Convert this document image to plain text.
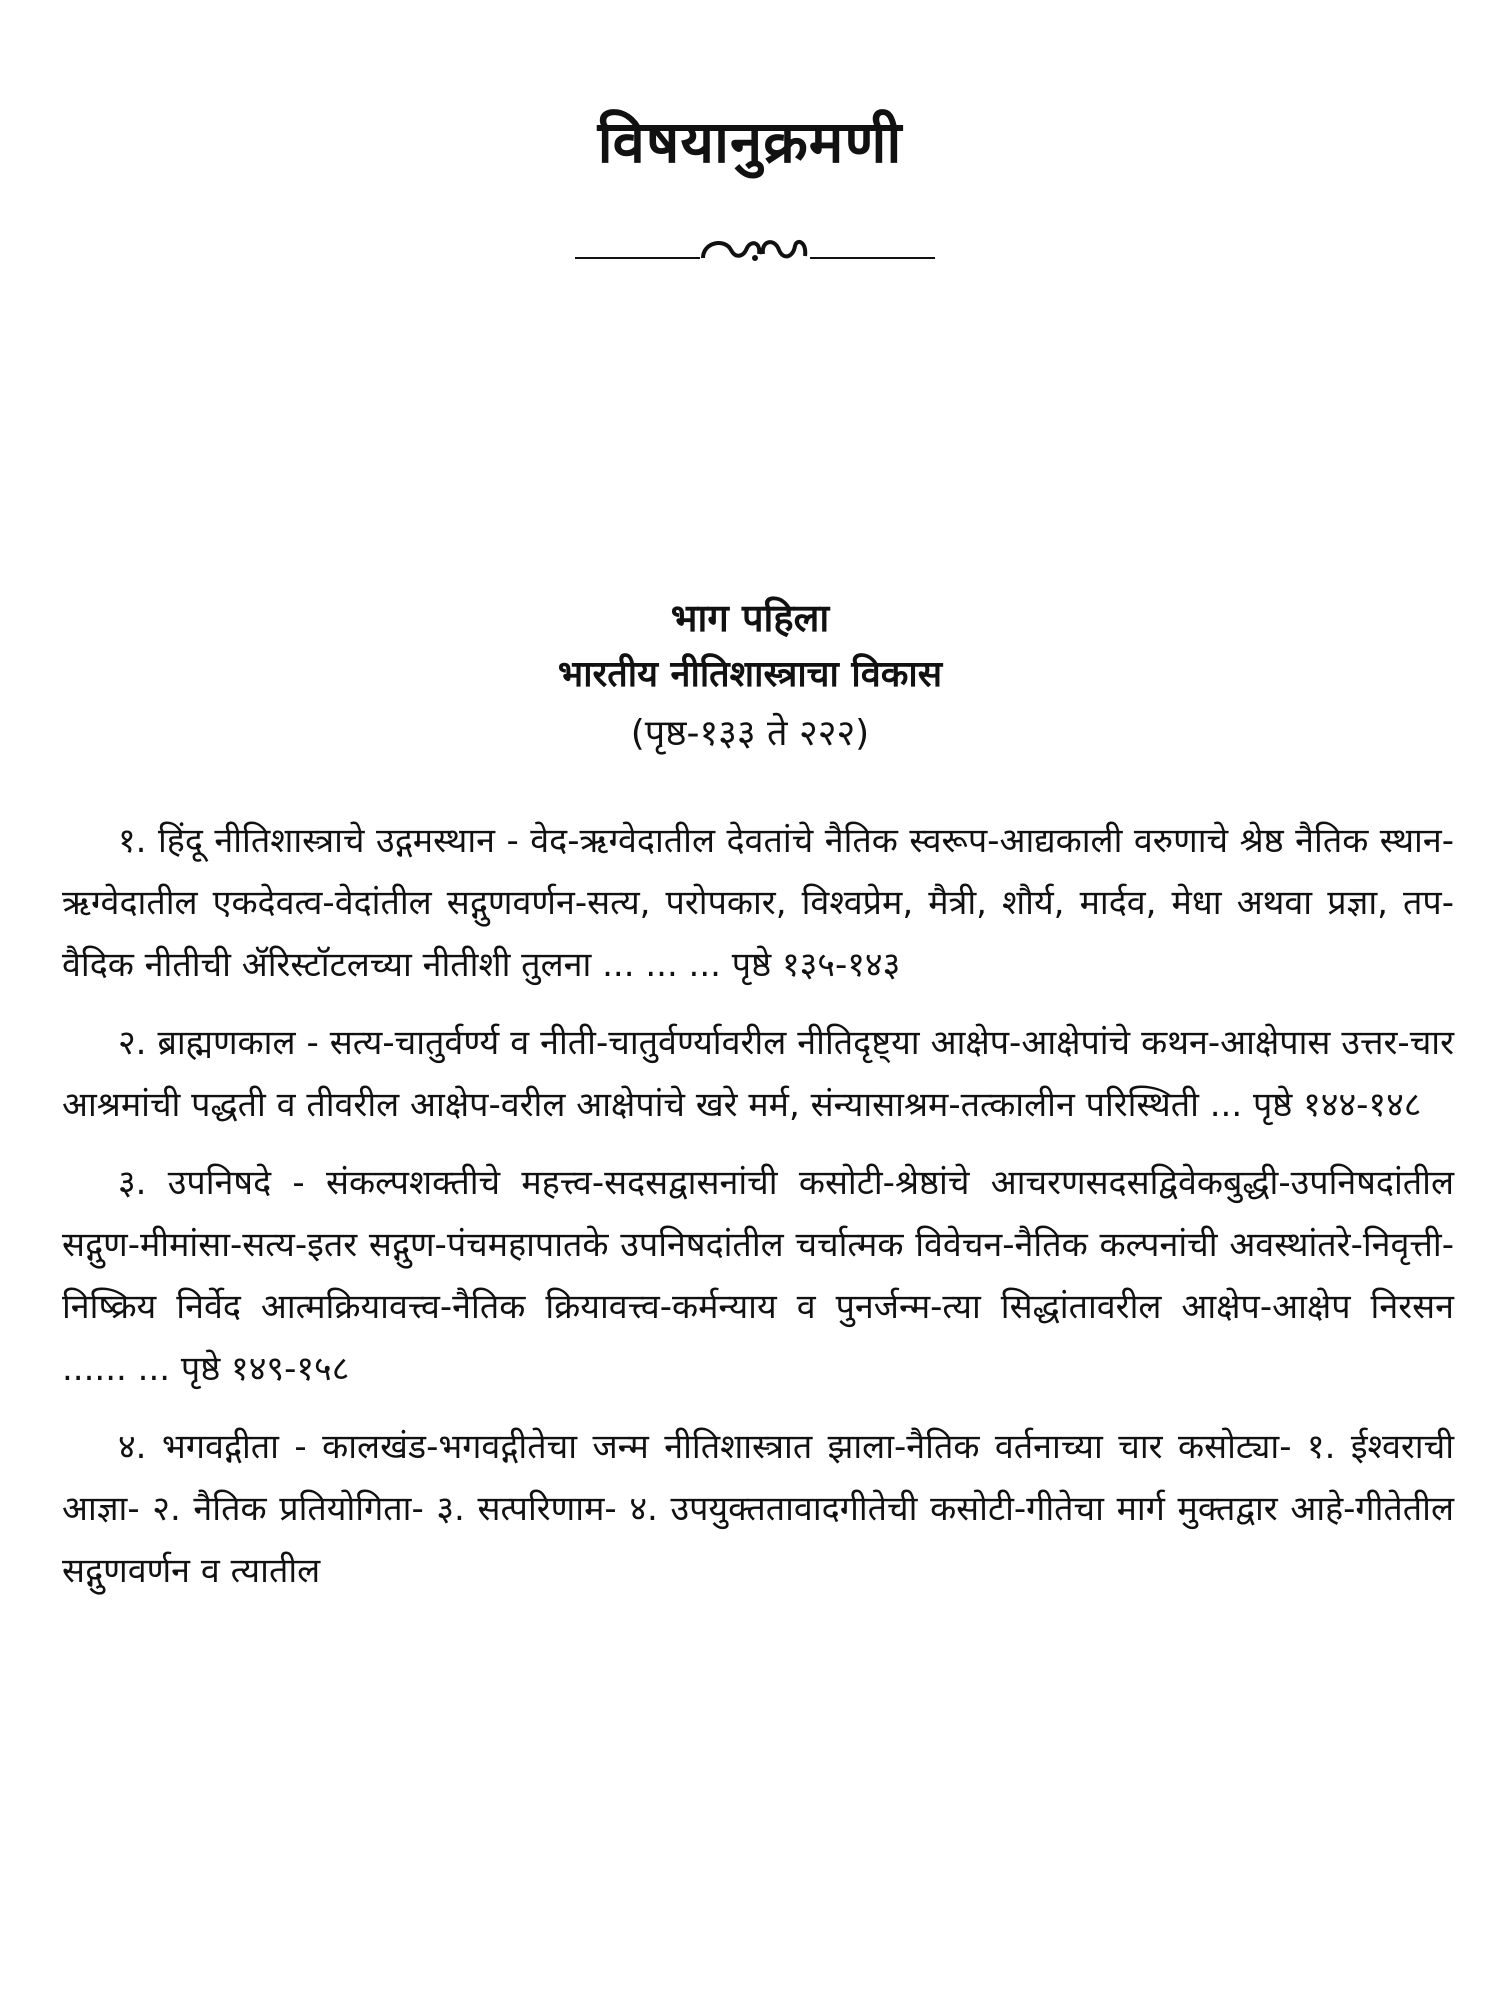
विषयानुक्रमणी

भाग पहिला

भारतीय नीतिशास्त्राचा विकास

(पृष्ठ-१३३ ते २२२)

१. हिंदू नीतिशास्त्राचे उद्गमस्थान - वेद-ऋग्वेदातील देवतांचे नैतिक स्वरूप-आद्यकाली वरुणाचे श्रेष्ठ नैतिक स्थान-ऋग्वेदातील एकदेवत्व-वेदांतील सद्गुणवर्णन-सत्य, परोपकार, विश्वप्रेम, मैत्री, शौर्य, मार्दव, मेधा अथवा प्रज्ञा, तप-वैदिक नीतीची ॲरिस्टॉटलच्या नीतीशी तुलना ... ... ... पृष्ठे १३५-१४३

२. ब्राह्मणकाल - सत्य-चातुर्वर्ण्य व नीती-चातुर्वर्ण्यावरील नीतिदृष्ट्या आक्षेप-आक्षेपांचे कथन-आक्षेपास उत्तर-चार आश्रमांची पद्धती व तीवरील आक्षेप-वरील आक्षेपांचे खरे मर्म, संन्यासाश्रम-तत्कालीन परिस्थिती ... पृष्ठे १४४-१४८

३. उपनिषदे - संकल्पशक्तीचे महत्त्व-सदसद्वासनांची कसोटी-श्रेष्ठांचे आचरणसदसद्विवेकबुद्धी-उपनिषदांतील सद्गुण-मीमांसा-सत्य-इतर सद्गुण-पंचमहापातके उपनिषदांतील चर्चात्मक विवेचन-नैतिक कल्पनांची अवस्थांतरे-निवृत्ती-निष्क्रिय निर्वेद आत्मक्रियावत्त्व-नैतिक क्रियावत्त्व-कर्मन्याय व पुनर्जन्म-त्या सिद्धांतावरील आक्षेप-आक्षेप निरसन ...... ... पृष्ठे १४९-१५८

४. भगवद्गीता - कालखंड-भगवद्गीतेचा जन्म नीतिशास्त्रात झाला-नैतिक वर्तनाच्या चार कसोट्या- १. ईश्वराची आज्ञा- २. नैतिक प्रतियोगिता- ३. सत्परिणाम- ४. उपयुक्ततावादगीतेची कसोटी-गीतेचा मार्ग मुक्तद्वार आहे-गीतेतील सद्गुणवर्णन व त्यातील
